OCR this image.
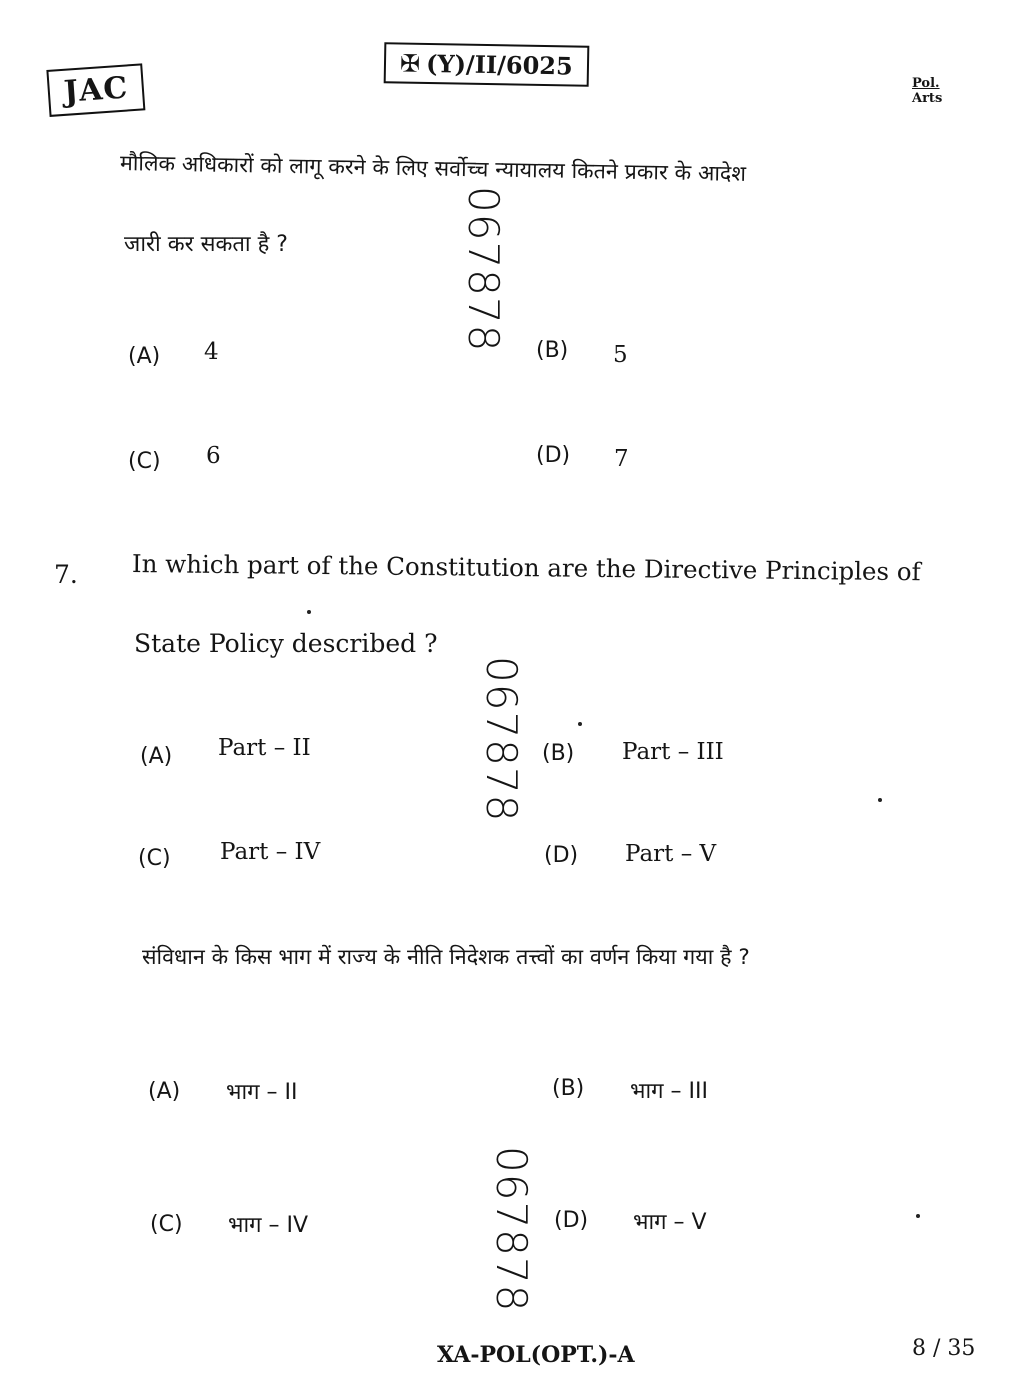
JAC
✠ (Y)/II/6025
Pol.
Arts
मौलिक अधिकारों को लागू करने के लिए सर्वोच्च न्यायालय कितने प्रकार के आदेश
जारी कर सकता है ?
(A) 4	(B) 5
(C) 6	(D) 7
067878
7. In which part of the Constitution are the Directive Principles of
State Policy described ?
(A) Part – II	(B) Part – III
(C) Part – IV	(D) Part – V
067878
संविधान के किस भाग में राज्य के नीति निदेशक तत्त्वों का वर्णन किया गया है ?
(A) भाग – II	(B) भाग – III
(C) भाग – IV	(D) भाग – V
067878
XA-POL(OPT.)-A	8 / 35
